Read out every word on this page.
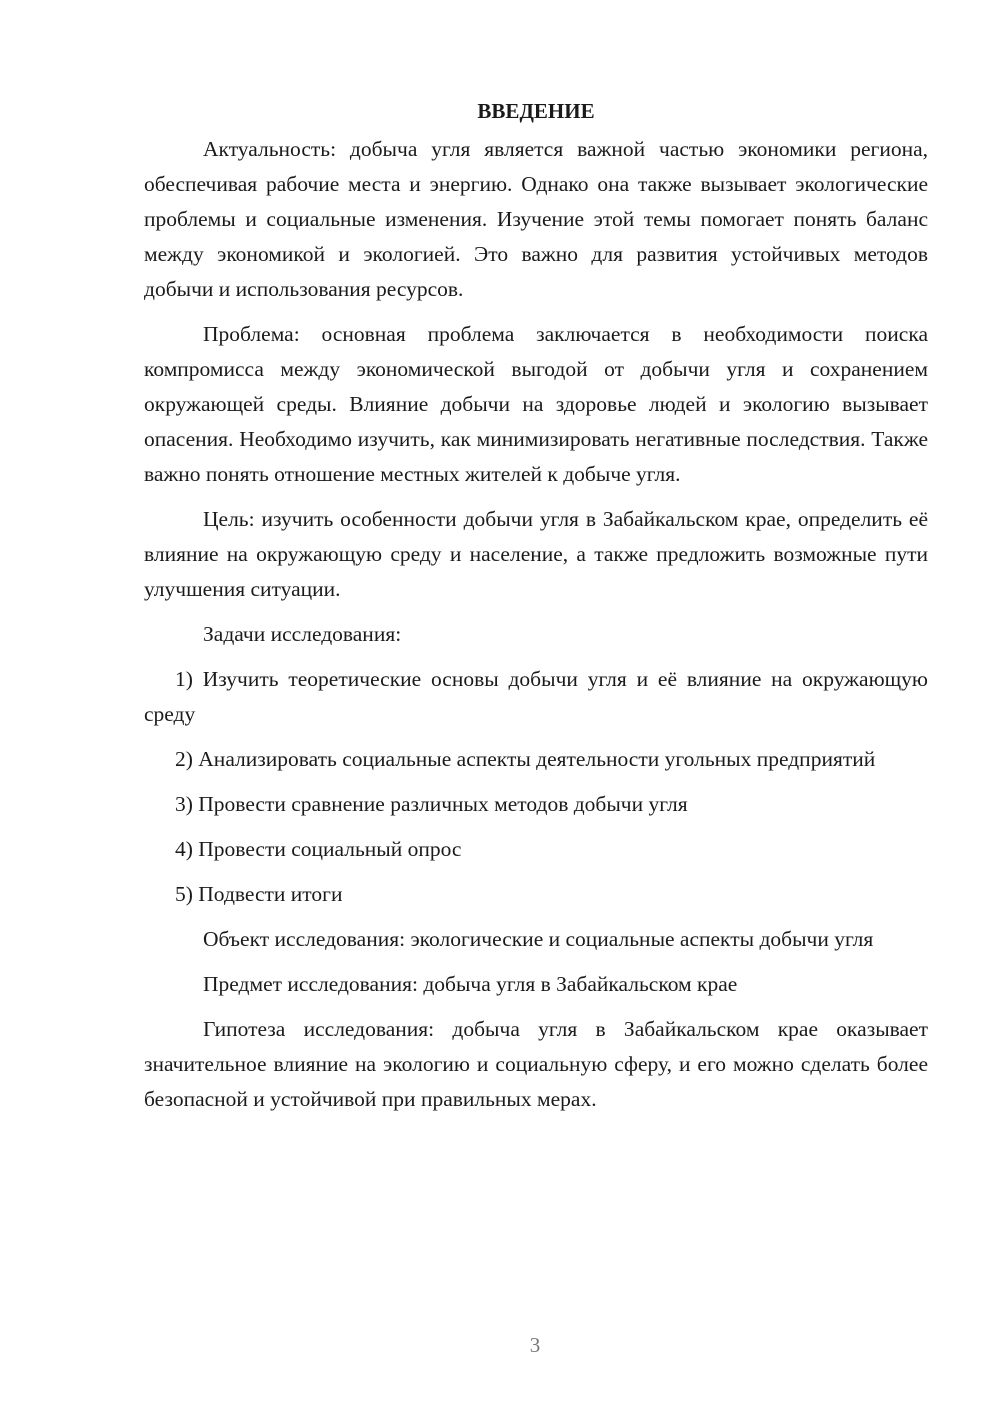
ВВЕДЕНИЕ

Актуальность: добыча угля является важной частью экономики региона, обеспечивая рабочие места и энергию. Однако она также вызывает экологические проблемы и социальные изменения. Изучение этой темы помогает понять баланс между экономикой и экологией. Это важно для развития устойчивых методов добычи и использования ресурсов.

Проблема: основная проблема заключается в необходимости поиска компромисса между экономической выгодой от добычи угля и сохранением окружающей среды. Влияние добычи на здоровье людей и экологию вызывает опасения. Необходимо изучить, как минимизировать негативные последствия. Также важно понять отношение местных жителей к добыче угля.

Цель: изучить особенности добычи угля в Забайкальском крае, определить её влияние на окружающую среду и население, а также предложить возможные пути улучшения ситуации.

Задачи исследования:

1) Изучить теоретические основы добычи угля и её влияние на окружающую среду

2) Анализировать социальные аспекты деятельности угольных предприятий

3) Провести сравнение различных методов добычи угля

4) Провести социальный опрос

5) Подвести итоги

Объект исследования: экологические и социальные аспекты добычи угля

Предмет исследования: добыча угля в Забайкальском крае

Гипотеза исследования: добыча угля в Забайкальском крае оказывает значительное влияние на экологию и социальную сферу, и его можно сделать более безопасной и устойчивой при правильных мерах.

3
